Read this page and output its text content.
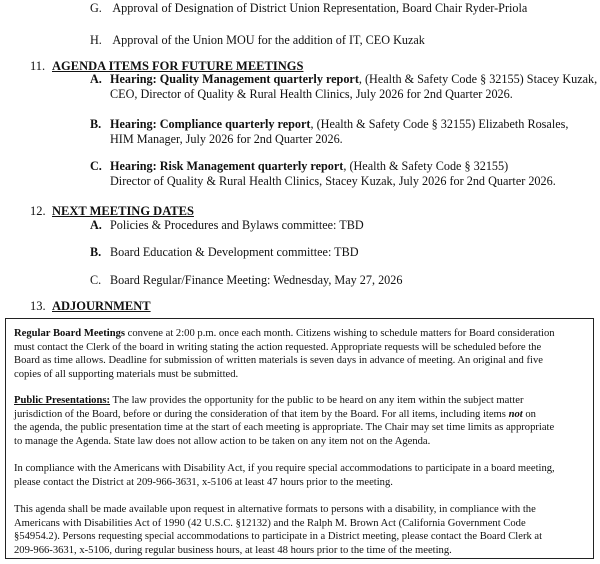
G. Approval of Designation of District Union Representation, Board Chair Ryder-Priola
H. Approval of the Union MOU for the addition of IT, CEO Kuzak
11. AGENDA ITEMS FOR FUTURE MEETINGS
A. Hearing: Quality Management quarterly report, (Health & Safety Code § 32155) Stacey Kuzak,
CEO, Director of Quality & Rural Health Clinics, July 2026 for 2nd Quarter 2026.
B. Hearing: Compliance quarterly report, (Health & Safety Code § 32155) Elizabeth Rosales,
HIM Manager, July 2026 for 2nd Quarter 2026.
C. Hearing: Risk Management quarterly report, (Health & Safety Code § 32155)
Director of Quality & Rural Health Clinics, Stacey Kuzak, July 2026 for 2nd Quarter 2026.
12. NEXT MEETING DATES
A. Policies & Procedures and Bylaws committee: TBD
B. Board Education & Development committee: TBD
C. Board Regular/Finance Meeting: Wednesday, May 27, 2026
13. ADJOURNMENT
Regular Board Meetings convene at 2:00 p.m. once each month. Citizens wishing to schedule matters for Board consideration
must contact the Clerk of the board in writing stating the action requested. Appropriate requests will be scheduled before the
Board as time allows. Deadline for submission of written materials is seven days in advance of meeting. An original and five
copies of all supporting materials must be submitted.
Public Presentations: The law provides the opportunity for the public to be heard on any item within the subject matter
jurisdiction of the Board, before or during the consideration of that item by the Board. For all items, including items not on
the agenda, the public presentation time at the start of each meeting is appropriate. The Chair may set time limits as appropriate
to manage the Agenda. State law does not allow action to be taken on any item not on the Agenda.
In compliance with the Americans with Disability Act, if you require special accommodations to participate in a board meeting,
please contact the District at 209-966-3631, x-5106 at least 47 hours prior to the meeting.
This agenda shall be made available upon request in alternative formats to persons with a disability, in compliance with the
Americans with Disabilities Act of 1990 (42 U.S.C. §12132) and the Ralph M. Brown Act (California Government Code
§54954.2). Persons requesting special accommodations to participate in a District meeting, please contact the Board Clerk at
209-966-3631, x-5106, during regular business hours, at least 48 hours prior to the time of the meeting.
